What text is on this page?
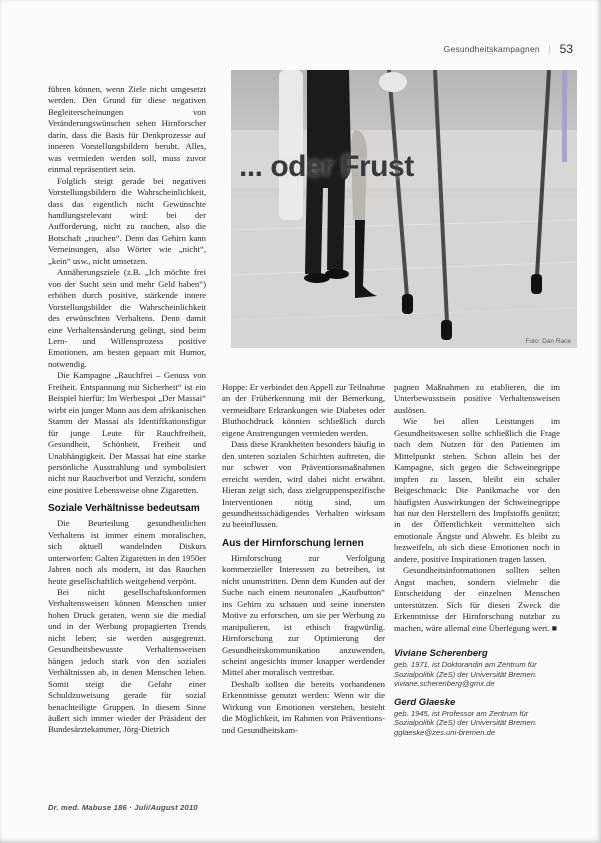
Gesundheitskampagnen | 53
... oder Frust
Foto: Dan Race

führen können, wenn Ziele nicht umgesetzt werden. Den Grund für diese negativen Begleiterscheinungen von Veränderungswünschen sehen Hirnforscher darin, dass die Basis für Denkprozesse auf inneren Vorstellungsbildern beruht. Alles, was vermieden werden soll, muss zuvor einmal repräsentiert sein.

Folglich steigt gerade bei negativen Vorstellungsbildern die Wahrscheinlichkeit, dass das eigentlich nicht Gewünschte handlungsrelevant wird: bei der Aufforderung, nicht zu rauchen, also die Botschaft „rauchen“. Denn das Gehirn kann Verneinungen, also Wörter wie „nicht“, „kein“ usw., nicht umsetzen.

Annäherungsziele (z.B. „Ich möchte frei von der Sucht sein und mehr Geld haben“) erhöhen durch positive, stärkende innere Vorstellungsbilder die Wahrscheinlichkeit des erwünschten Verhaltens. Denn damit eine Verhaltensänderung gelingt, sind beim Lern- und Willensprozess positive Emotionen, am besten gepaart mit Humor, notwendig.

Die Kampagne „Rauchfrei – Genuss von Freiheit. Entspannung mit Sicherheit“ ist ein Beispiel hierfür: Im Werbespot „Der Massai“ wirbt ein junger Mann aus dem afrikanischen Stamm der Massai als Identifikationsfigur für junge Leute für Rauchfreiheit, Gesundheit, Schönheit, Freiheit und Unabhängigkeit. Der Massai hat eine starke persönliche Ausstrahlung und symbolisiert nicht nur Rauchverbot und Verzicht, sondern eine positive Lebensweise ohne Zigaretten.

Soziale Verhältnisse bedeutsam

Die Beurteilung gesundheitlichen Verhaltens ist immer einem moralischen, sich aktuell wandelnden Diskurs unterworfen: Galten Zigaretten in den 1950er Jahren noch als modern, ist das Rauchen heute gesellschaftlich weitgehend verpönt.

Bei nicht gesellschaftskonformen Verhaltensweisen können Menschen unter hohen Druck geraten, wenn sie die medial und in der Werbung propagierten Trends nicht leben; sie werden ausgegrenzt. Gesundheitsbewusste Verhaltensweisen hängen jedoch stark von den sozialen Verhältnissen ab, in denen Menschen leben. Somit steigt die Gefahr einer Schuldzuweisung gerade für sozial benachteiligte Gruppen. In diesem Sinne äußert sich immer wieder der Präsident der Bundesärztekammer, Jörg-Dietrich

Hoppe: Er verbindet den Appell zur Teilnahme an der Früherkennung mit der Bemerkung, vermeidbare Erkrankungen wie Diabetes oder Bluthochdruck könnten schließlich durch eigene Anstrengungen vermieden werden.

Dass diese Krankheiten besonders häufig in den unteren sozialen Schichten auftreten, die nur schwer von Präventionsmaßnahmen erreicht werden, wird dabei nicht erwähnt. Hieran zeigt sich, dass zielgruppenspezifische Interventionen nötig sind, um gesundheitsschädigendes Verhalten wirksam zu beeinflussen.

Aus der Hirnforschung lernen

Hirnforschung zur Verfolgung kommerzieller Interessen zu betreiben, ist nicht unumstritten. Denn dem Kunden auf der Suche nach einem neuronalen „Kaufbutton“ ins Gehirn zu schauen und seine innersten Motive zu erforschen, um sie per Werbung zu manipulieren, ist ethisch fragwürdig. Hirnforschung zur Optimierung der Gesundheitskommunikation anzuwenden, scheint angesichts immer knapper werdender Mittel aber moralisch vertretbar.

Deshalb sollten die bereits vorhandenen Erkenntnisse genutzt werden: Wenn wir die Wirkung von Emotionen verstehen, besteht die Möglichkeit, im Rahmen von Präventions- und Gesundheitskam-

pagnen Maßnahmen zu etablieren, die im Unterbewusstsein positive Verhaltensweisen auslösen.

Wie bei allen Leistungen im Gesundheitswesen sollte schließlich die Frage nach dem Nutzen für den Patienten im Mittelpunkt stehen. Schon allein bei der Kampagne, sich gegen die Schweinegrippe impfen zu lassen, bleibt ein schaler Beigeschmack: Die Panikmache vor den häufigsten Auswirkungen der Schweinegrippe hat nur den Herstellern des Impfstoffs genützt; in der Öffentlichkeit vermittelten sich emotionale Ängste und Abwehr. Es bleibt zu bezweifeln, ob sich diese Emotionen noch in andere, positive Inspirationen tragen lassen.

Gesundheitsinformationen sollten selten Angst machen, sondern vielmehr die Entscheidung der einzelnen Menschen unterstützen. Sich für diesen Zweck die Erkenntnisse der Hirnforschung nutzbar zu machen, wäre allemal eine Überlegung wert. ■

Viviane Scherenberg
geb. 1971, ist Doktorandin am Zentrum für Sozialpolitik (ZeS) der Universität Bremen.
viviane.scherenberg@gmx.de
Gerd Glaeske
geb. 1945, ist Professor am Zentrum für Sozialpolitik (ZeS) der Universität Bremen.
gglaeske@zes.uni-bremen.de
Dr. med. Mabuse 186 · Juli/August 2010
